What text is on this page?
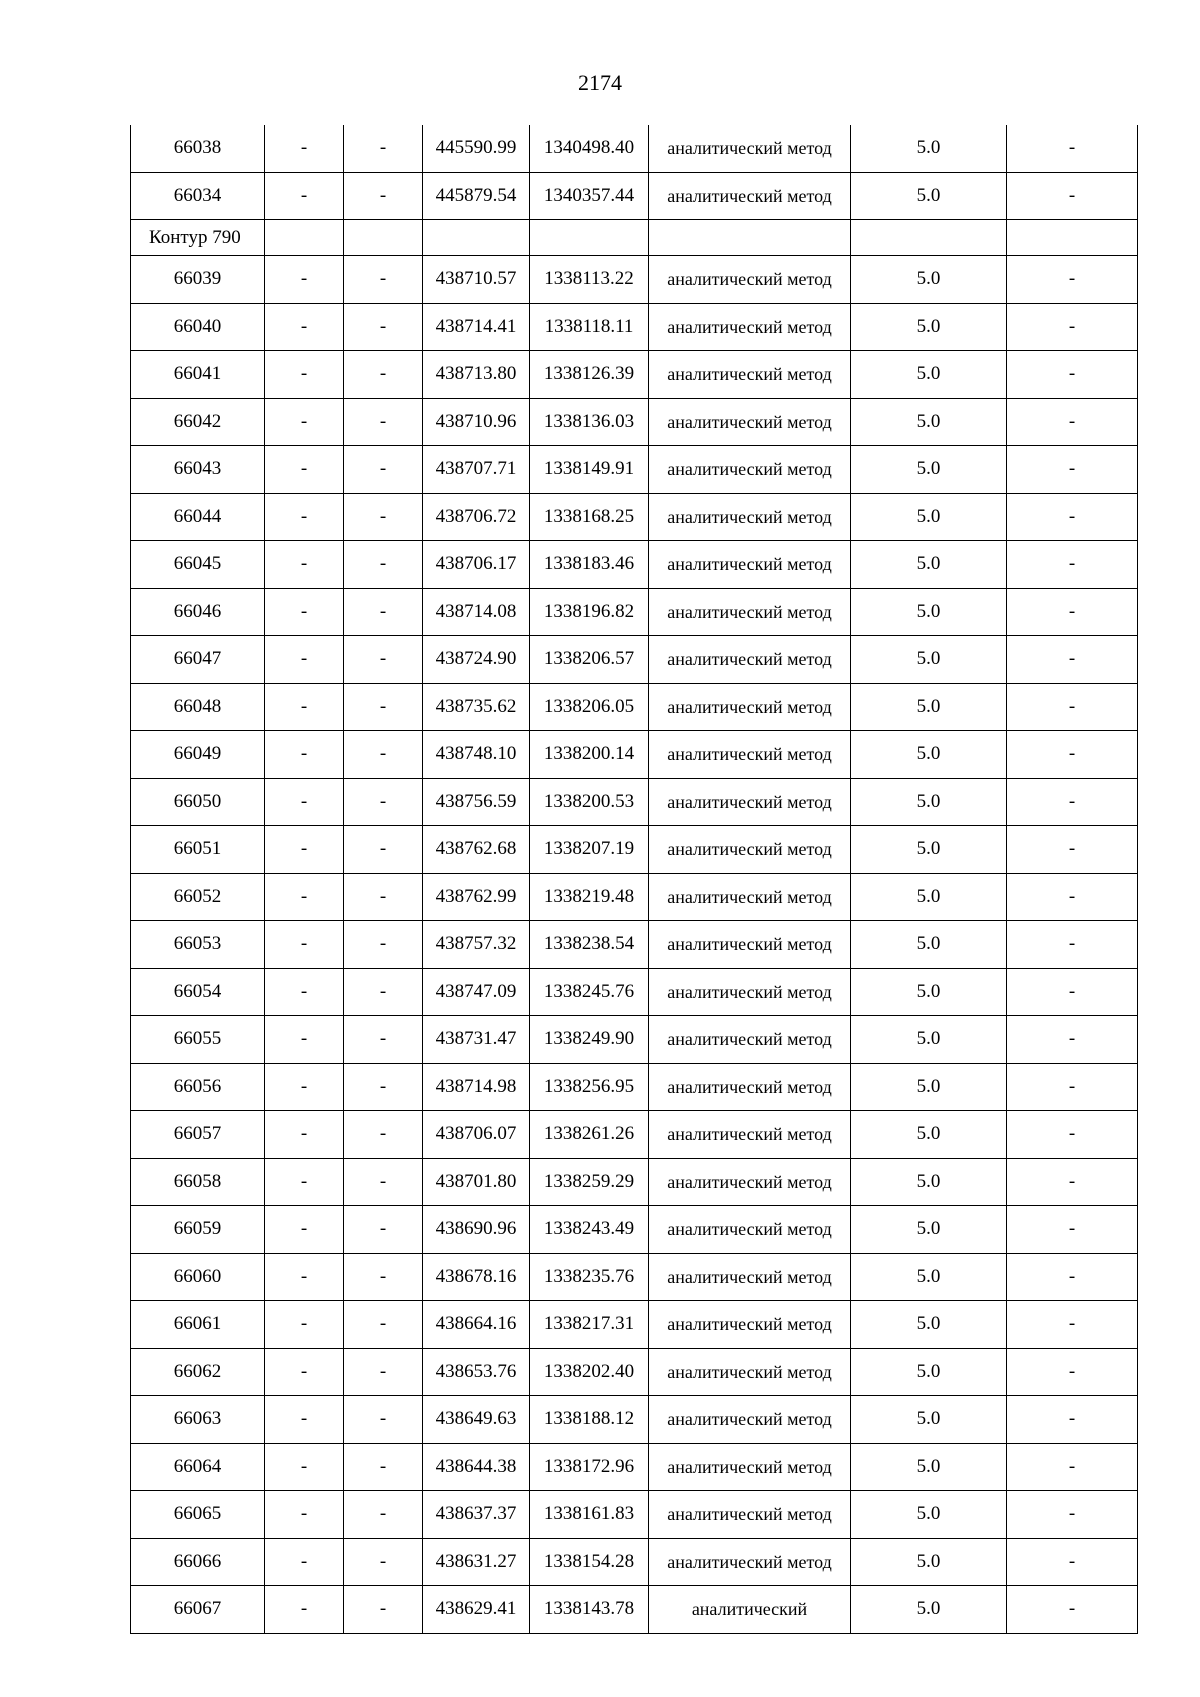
2174
66038	-	-	445590.99	1340498.40	аналитический метод	5.0	-
66034	-	-	445879.54	1340357.44	аналитический метод	5.0	-
Контур 790							
66039	-	-	438710.57	1338113.22	аналитический метод	5.0	-
66040	-	-	438714.41	1338118.11	аналитический метод	5.0	-
66041	-	-	438713.80	1338126.39	аналитический метод	5.0	-
66042	-	-	438710.96	1338136.03	аналитический метод	5.0	-
66043	-	-	438707.71	1338149.91	аналитический метод	5.0	-
66044	-	-	438706.72	1338168.25	аналитический метод	5.0	-
66045	-	-	438706.17	1338183.46	аналитический метод	5.0	-
66046	-	-	438714.08	1338196.82	аналитический метод	5.0	-
66047	-	-	438724.90	1338206.57	аналитический метод	5.0	-
66048	-	-	438735.62	1338206.05	аналитический метод	5.0	-
66049	-	-	438748.10	1338200.14	аналитический метод	5.0	-
66050	-	-	438756.59	1338200.53	аналитический метод	5.0	-
66051	-	-	438762.68	1338207.19	аналитический метод	5.0	-
66052	-	-	438762.99	1338219.48	аналитический метод	5.0	-
66053	-	-	438757.32	1338238.54	аналитический метод	5.0	-
66054	-	-	438747.09	1338245.76	аналитический метод	5.0	-
66055	-	-	438731.47	1338249.90	аналитический метод	5.0	-
66056	-	-	438714.98	1338256.95	аналитический метод	5.0	-
66057	-	-	438706.07	1338261.26	аналитический метод	5.0	-
66058	-	-	438701.80	1338259.29	аналитический метод	5.0	-
66059	-	-	438690.96	1338243.49	аналитический метод	5.0	-
66060	-	-	438678.16	1338235.76	аналитический метод	5.0	-
66061	-	-	438664.16	1338217.31	аналитический метод	5.0	-
66062	-	-	438653.76	1338202.40	аналитический метод	5.0	-
66063	-	-	438649.63	1338188.12	аналитический метод	5.0	-
66064	-	-	438644.38	1338172.96	аналитический метод	5.0	-
66065	-	-	438637.37	1338161.83	аналитический метод	5.0	-
66066	-	-	438631.27	1338154.28	аналитический метод	5.0	-
66067	-	-	438629.41	1338143.78	аналитический	5.0	-
